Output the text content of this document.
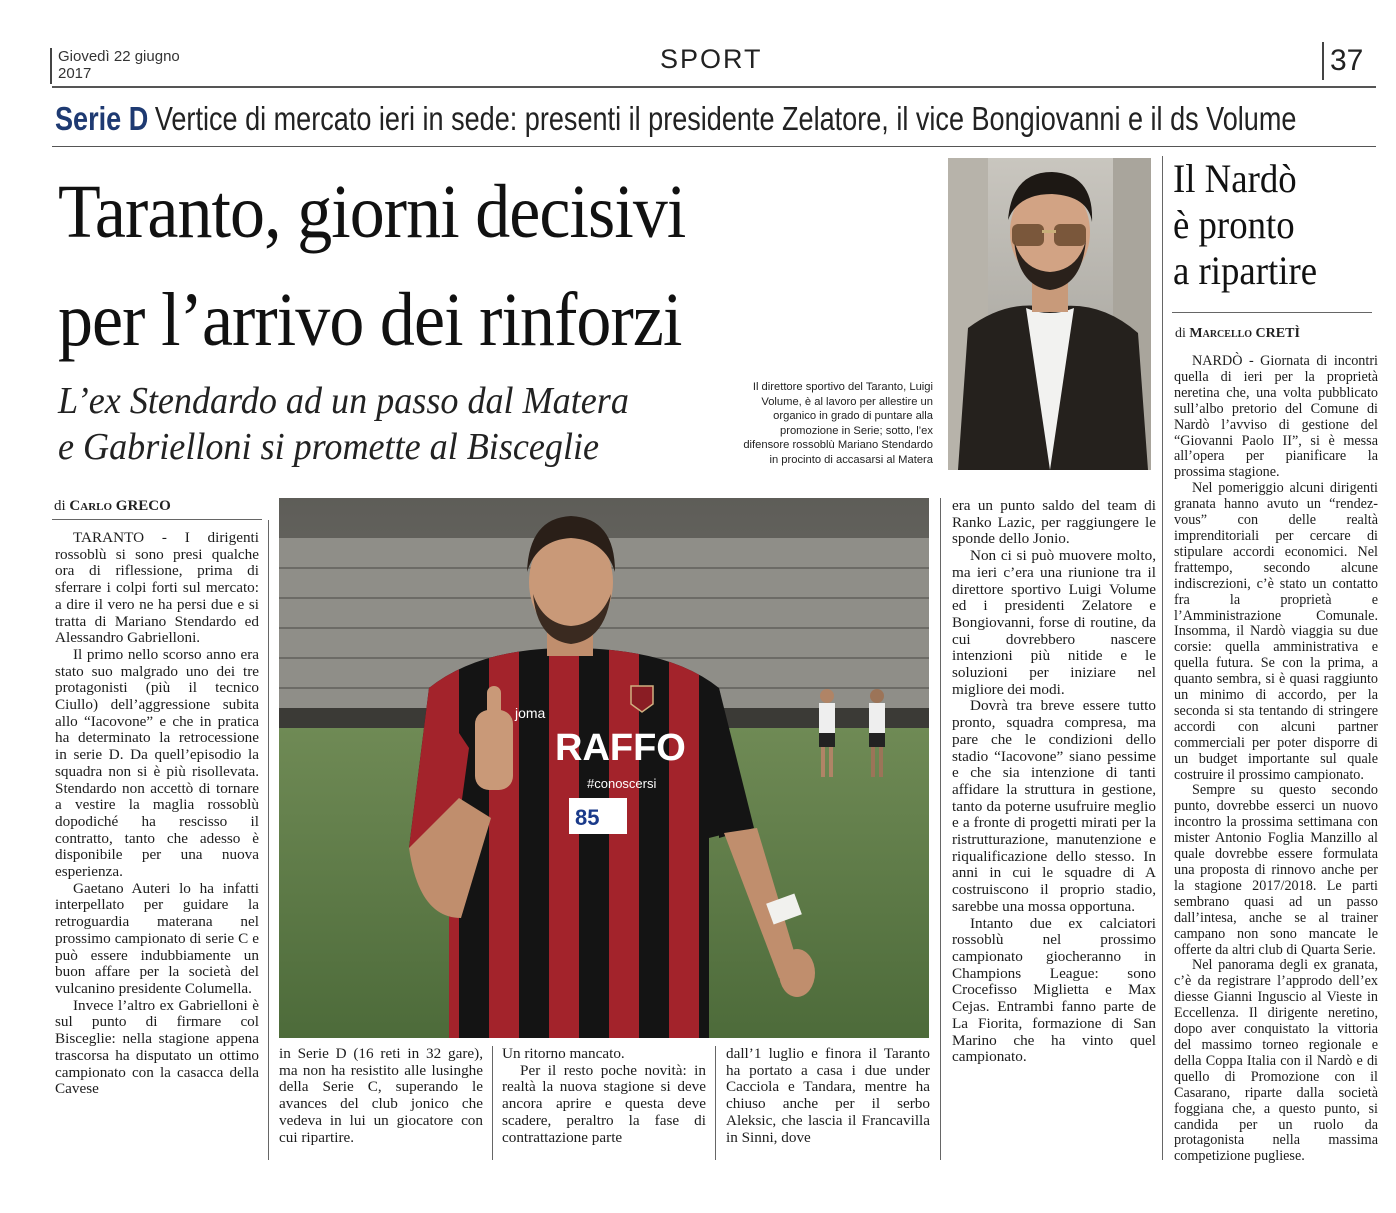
Giovedì 22 giugno
2017	SPORT	37
Serie D Vertice di mercato ieri in sede: presenti il presidente Zelatore, il vice Bongiovanni e il ds Volume
Taranto, giorni decisivi
per l’arrivo dei rinforzi
L’ex Stendardo ad un passo dal Matera
e Gabrielloni si promette al Bisceglie
Il direttore sportivo del Taranto, Luigi Volume, è al lavoro per allestire un organico in grado di puntare alla promozione in Serie; sotto, l’ex difensore rossoblù Mariano Stendardo in procinto di accasarsi al Matera
di Carlo GRECO
RAFFO
#conoscersi
joma
85

TARANTO - I dirigenti rossoblù si sono presi qualche ora di riflessione, prima di sferrare i colpi forti sul mercato: a dire il vero ne ha persi due e si tratta di Mariano Stendardo ed Alessandro Gabrielloni.

Il primo nello scorso anno era stato suo malgrado uno dei tre protagonisti (più il tecnico Ciullo) dell’aggressione subita allo “Iacovone” e che in pratica ha determinato la retrocessione in serie D. Da quell’episodio la squadra non si è più risollevata. Stendardo non accettò di tornare a vestire la maglia rossoblù dopodiché ha rescisso il contratto, tanto che adesso è disponibile per una nuova esperienza.

Gaetano Auteri lo ha infatti interpellato per guidare la retroguardia materana nel prossimo campionato di serie C e può essere indubbiamente un buon affare per la società del vulcanino presidente Columella.

Invece l’altro ex Gabrielloni è sul punto di firmare col Bisceglie: nella stagione appena trascorsa ha disputato un ottimo campionato con la casacca della Cavese

in Serie D (16 reti in 32 gare), ma non ha resistito alle lusinghe della Serie C, superando le avances del club jonico che vedeva in lui un giocatore con cui ripartire.

Un ritorno mancato.

Per il resto poche novità: in realtà la nuova stagione si deve ancora aprire e questa deve scadere, peraltro la fase di contrattazione parte

dall’1 luglio e finora il Taranto ha portato a casa i due under Cacciola e Tandara, mentre ha chiuso anche per il serbo Aleksic, che lascia il Francavilla in Sinni, dove

era un punto saldo del team di Ranko Lazic, per raggiungere le sponde dello Jonio.

Non ci si può muovere molto, ma ieri c’era una riunione tra il direttore sportivo Luigi Volume ed i presidenti Zelatore e Bongiovanni, forse di routine, da cui dovrebbero nascere intenzioni più nitide e le soluzioni per iniziare nel migliore dei modi.

Dovrà tra breve essere tutto pronto, squadra compresa, ma pare che le condizioni dello stadio “Iacovone” siano pessime e che sia intenzione di tanti affidare la struttura in gestione, tanto da poterne usufruire meglio e a fronte di progetti mirati per la ristrutturazione, manutenzione e riqualificazione dello stesso. In anni in cui le squadre di A costruiscono il proprio stadio, sarebbe una mossa opportuna.

Intanto due ex calciatori rossoblù nel prossimo campionato giocheranno in Champions League: sono Crocefisso Miglietta e Max Cejas. Entrambi fanno parte de La Fiorita, formazione di San Marino che ha vinto quel campionato.

Il Nardò
è pronto
a ripartire
di Marcello CRETÌ

NARDÒ - Giornata di incontri quella di ieri per la proprietà neretina che, una volta pubblicato sull’albo pretorio del Comune di Nardò l’avviso di gestione del “Giovanni Paolo II”, si è messa all’opera per pianificare la prossima stagione.

Nel pomeriggio alcuni dirigenti granata hanno avuto un “rendez-vous” con delle realtà imprenditoriali per cercare di stipulare accordi economici. Nel frattempo, secondo alcune indiscrezioni, c’è stato un contatto fra la proprietà e l’Amministrazione Comunale. Insomma, il Nardò viaggia su due corsie: quella amministrativa e quella futura. Se con la prima, a quanto sembra, si è quasi raggiunto un minimo di accordo, per la seconda si sta tentando di stringere accordi con alcuni partner commerciali per poter disporre di un budget importante sul quale costruire il prossimo campionato.

Sempre su questo secondo punto, dovrebbe esserci un nuovo incontro la prossima settimana con mister Antonio Foglia Manzillo al quale dovrebbe essere formulata una proposta di rinnovo anche per la stagione 2017/2018. Le parti sembrano quasi ad un passo dall’intesa, anche se al trainer campano non sono mancate le offerte da altri club di Quarta Serie.

Nel panorama degli ex granata, c’è da registrare l’approdo dell’ex diesse Gianni Inguscio al Vieste in Eccellenza. Il dirigente neretino, dopo aver conquistato la vittoria del massimo torneo regionale e della Coppa Italia con il Nardò e di quello di Promozione con il Casarano, riparte dalla società foggiana che, a questo punto, si candida per un ruolo da protagonista nella massima competizione pugliese.
